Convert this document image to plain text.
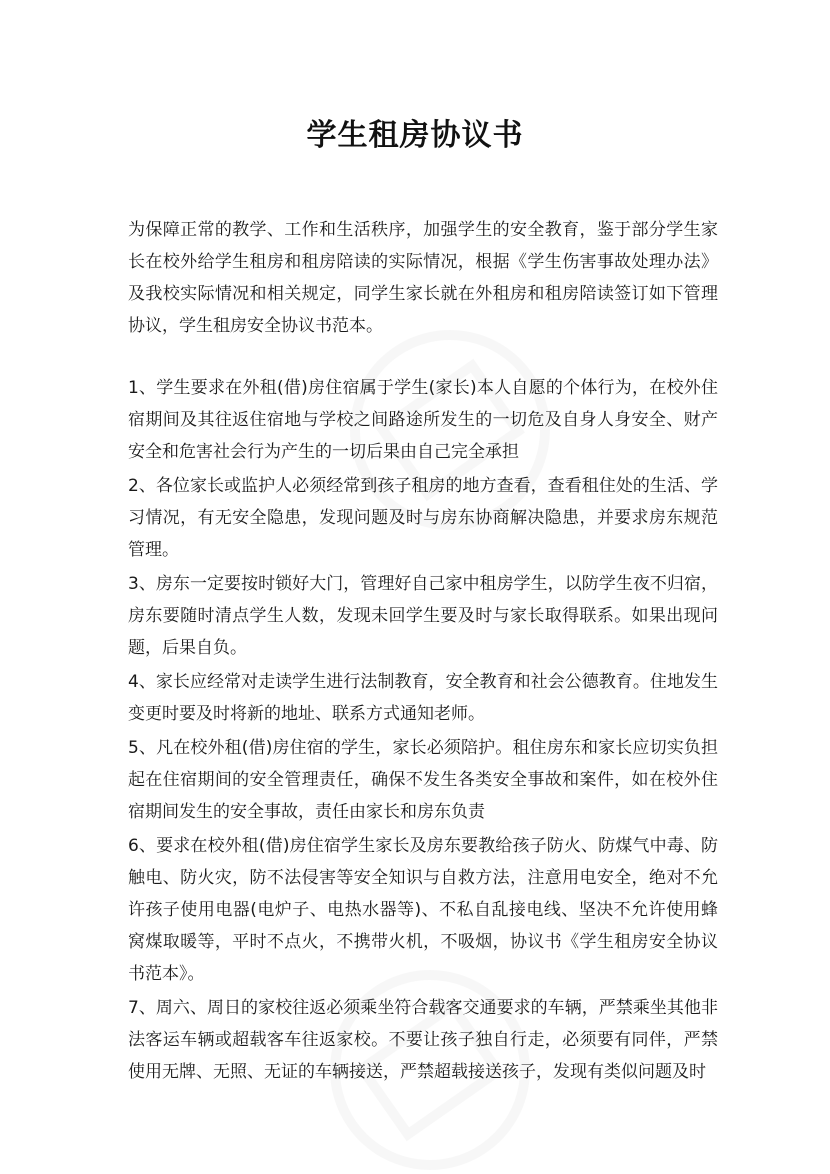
学生租房协议书

为保障正常的教学、工作和生活秩序，加强学生的安全教育，鉴于部分学生家长在校外给学生租房和租房陪读的实际情况，根据《学生伤害事故处理办法》及我校实际情况和相关规定，同学生家长就在外租房和租房陪读签订如下管理协议，学生租房安全协议书范本。

1、学生要求在外租(借)房住宿属于学生(家长)本人自愿的个体行为，在校外住宿期间及其往返住宿地与学校之间路途所发生的一切危及自身人身安全、财产安全和危害社会行为产生的一切后果由自己完全承担

2、各位家长或监护人必须经常到孩子租房的地方查看，查看租住处的生活、学习情况，有无安全隐患，发现问题及时与房东协商解决隐患，并要求房东规范管理。

3、房东一定要按时锁好大门，管理好自己家中租房学生，以防学生夜不归宿，房东要随时清点学生人数，发现未回学生要及时与家长取得联系。如果出现问题，后果自负。

4、家长应经常对走读学生进行法制教育，安全教育和社会公德教育。住地发生变更时要及时将新的地址、联系方式通知老师。

5、凡在校外租(借)房住宿的学生，家长必须陪护。租住房东和家长应切实负担起在住宿期间的安全管理责任，确保不发生各类安全事故和案件，如在校外住宿期间发生的安全事故，责任由家长和房东负责

6、要求在校外租(借)房住宿学生家长及房东要教给孩子防火、防煤气中毒、防触电、防火灾，防不法侵害等安全知识与自救方法，注意用电安全，绝对不允许孩子使用电器(电炉子、电热水器等)、不私自乱接电线、坚决不允许使用蜂窝煤取暖等，平时不点火，不携带火机，不吸烟，协议书《学生租房安全协议书范本》。

7、周六、周日的家校往返必须乘坐符合载客交通要求的车辆，严禁乘坐其他非法客运车辆或超载客车往返家校。不要让孩子独自行走，必须要有同伴，严禁使用无牌、无照、无证的车辆接送，严禁超载接送孩子，发现有类似问题及时
